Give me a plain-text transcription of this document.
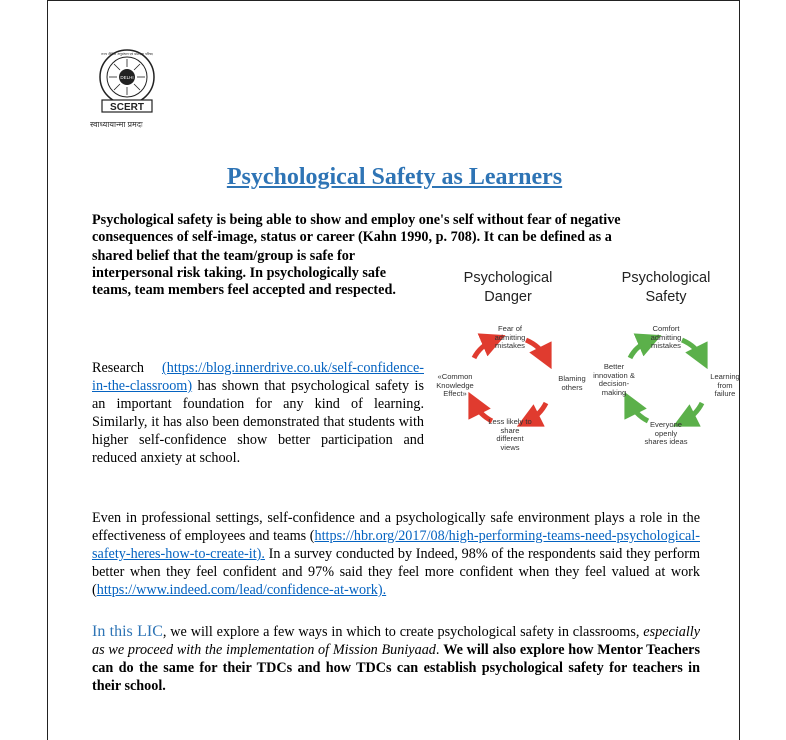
DELHI
राज्य शैक्षिक अनुसंधान एवं प्रशिक्षण परिषद
SCERT
स्वाध्यायान्मा प्रमदः
Psychological Safety as Learners
Psychological safety is being able to show and employ one's self without fear of negative consequences of self-image, status or career (Kahn 1990, p. 708). It can be defined as a
shared belief that the team/group is safe for interpersonal risk taking. In psychologically safe teams, team members feel accepted and respected.
Psychological
Danger
Psychological
Safety
Fear of admitting mistakes
Blaming others
Less likely to share different views
«Common Knowledge Effect»
Comfort admitting mistakes
Learning from failure
Everyone openly shares ideas
Better innovation & decision-making
Research (https://blog.innerdrive.co.uk/self-confidence-in-the-classroom) has shown that psychological safety is an important foundation for any kind of learning. Similarly, it has also been demonstrated that students with higher self-confidence show better participation and reduced anxiety at school.
Even in professional settings, self-confidence and a psychologically safe environment plays a role in the effectiveness of employees and teams (https://hbr.org/2017/08/high-performing-teams-need-psychological-safety-heres-how-to-create-it). In a survey conducted by Indeed, 98% of the respondents said they perform better when they feel confident and 97% said they feel more confident when they feel valued at work (https://www.indeed.com/lead/confidence-at-work).
In this LIC, we will explore a few ways in which to create psychological safety in classrooms, especially as we proceed with the implementation of Mission Buniyaad. We will also explore how Mentor Teachers can do the same for their TDCs and how TDCs can establish psychological safety for teachers in their school.
